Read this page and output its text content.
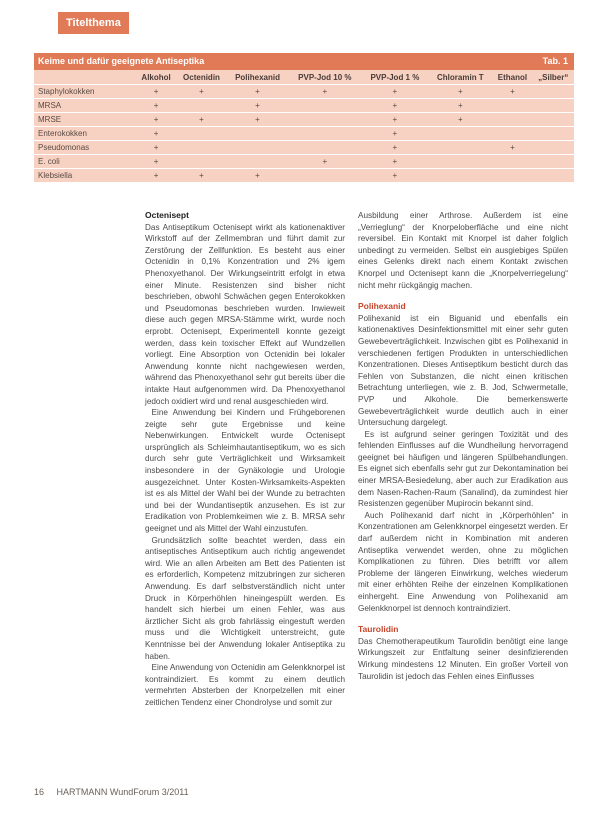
Titelthema
Keime und dafür geeignete Antiseptika	Tab. 1
	Alkohol	Octenidin	Polihexanid	PVP-Jod 10 %	PVP-Jod 1 %	Chloramin T	Ethanol	„Silber“
Staphylokokken	+	+	+	+	+	+	+	
MRSA	+		+		+	+		
MRSE	+	+	+		+	+		
Enterokokken	+				+			
Pseudomonas	+				+		+	
E. coli	+			+	+			
Klebsiella	+	+	+		+			
Octenisept

Das Antiseptikum Octenisept wirkt als kationenaktiver Wirkstoff auf der Zellmembran und führt damit zur Zerstörung der Zellfunktion. Es besteht aus einer Octenidin in 0,1% Konzentration und 2% igem Phenoxyethanol. Der Wirkungseintritt erfolgt in etwa einer Minute. Resistenzen sind bisher nicht beschrieben, obwohl Schwächen gegen Enterokokken und Pseudomonas beschrieben wurden. Inwieweit diese auch gegen MRSA-Stämme wirkt, wurde noch erprobt. Octenisept, Experimentell konnte gezeigt werden, dass kein toxischer Effekt auf Wundzellen vorliegt. Eine Absorption von Octenidin bei lokaler Anwendung konnte nicht nachgewiesen werden, während das Phenoxyethanol sehr gut bereits über die intakte Haut aufgenommen wird. Da Phenoxyethanol jedoch oxidiert wird und renal ausgeschieden wird.

Eine Anwendung bei Kindern und Frühgeborenen zeigte sehr gute Ergebnisse und keine Nebenwirkungen. Entwickelt wurde Octenisept ursprünglich als Schleimhautantiseptikum, wo es sich durch sehr gute Verträglichkeit und Wirksamkeit insbesondere in der Gynäkologie und Urologie ausgezeichnet. Unter Kosten-Wirksamkeits-Aspekten ist es als Mittel der Wahl bei der Wunde zu betrachten und bei der Wundantiseptik anzusehen. Es ist zur Eradikation von Problemkeimen wie z. B. MRSA sehr geeignet und als Mittel der Wahl einzustufen.

Grundsätzlich sollte beachtet werden, dass ein antiseptisches Antiseptikum auch richtig angewendet wird. Wie an allen Arbeiten am Bett des Patienten ist es erforderlich, Kompetenz mitzubringen zur sicheren Anwendung. Es darf selbstverständlich nicht unter Druck in Körperhöhlen hineingespült werden. Es handelt sich hierbei um einen Fehler, was aus ärztlicher Sicht als grob fahrlässig eingestuft werden muss und die Wichtigkeit unterstreicht, gute Kenntnisse bei der Anwendung lokaler Antiseptika zu haben.

Eine Anwendung von Octenidin am Gelenkknorpel ist kontraindiziert. Es kommt zu einem deutlich vermehrten Absterben der Knorpelzellen mit einer zeitlichen Tendenz einer Chondrolyse und somit zur

Ausbildung einer Arthrose. Außerdem ist eine „Verrieglung“ der Knorpeloberfläche und eine nicht reversibel. Ein Kontakt mit Knorpel ist daher folglich unbedingt zu vermeiden. Selbst ein ausgiebiges Spülen eines Gelenks direkt nach einem Kontakt zwischen Knorpel und Octenisept kann die „Knorpelverriegelung“ nicht mehr rückgängig machen.

Polihexanid

Polihexanid ist ein Biguanid und ebenfalls ein kationenaktives Desinfektionsmittel mit einer sehr guten Gewebeverträglichkeit. Inzwischen gibt es Polihexanid in verschiedenen fertigen Produkten in unterschiedlichen Konzentrationen. Dieses Antiseptikum besticht durch das Fehlen von Substanzen, die nicht einen kritischen Betrachtung unterliegen, wie z. B. Jod, Schwermetalle, PVP und Alkohole. Die bemerkenswerte Gewebeverträglichkeit wurde deutlich auch in einer Untersuchung dargelegt.

Es ist aufgrund seiner geringen Toxizität und des fehlenden Einflusses auf die Wundheilung hervorragend geeignet bei häufigen und längeren Spülbehandlungen. Es eignet sich ebenfalls sehr gut zur Dekontamination bei einer MRSA-Besiedelung, aber auch zur Eradikation aus dem Nasen-Rachen-Raum (Sanalind), da zumindest hier Resistenzen gegenüber Mupirocin bekannt sind.

Auch Polihexanid darf nicht in „Körperhöhlen“ in Konzentrationen am Gelenkknorpel eingesetzt werden. Er darf außerdem nicht in Kombination mit anderen Antiseptika verwendet werden, ohne zu möglichen Komplikationen zu führen. Dies betrifft vor allem Probleme der längeren Einwirkung, welches wiederum mit einer erhöhten Reihe der einzelnen Komplikationen einhergeht. Eine Anwendung von Polihexanid am Gelenkknorpel ist dennoch kontraindiziert.

Taurolidin

Das Chemotherapeutikum Taurolidin benötigt eine lange Wirkungszeit zur Entfaltung seiner desinfizierenden Wirkung mindestens 12 Minuten. Ein großer Vorteil von Taurolidin ist jedoch das Fehlen eines Einflusses

16 HARTMANN WundForum 3/2011
